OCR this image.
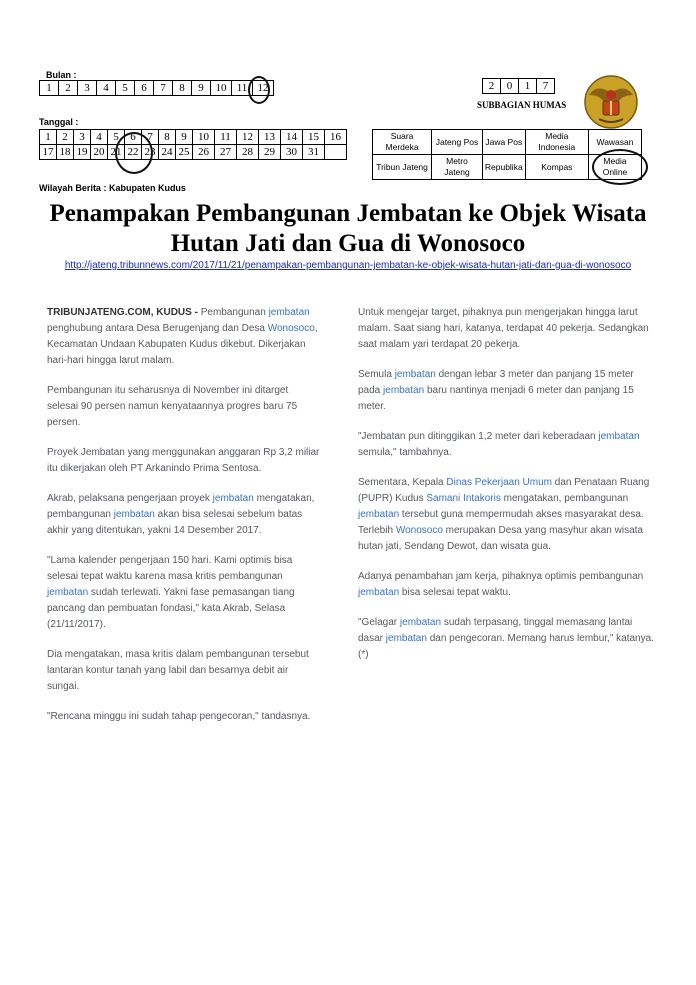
Bulan :
1	2	3	4	5	6	7	8	9	10	11	12
Tanggal :
1	2	3	4	5	6	7	8	9	10	11	12	13	14	15	16
17	18	19	20	21	22	23	24	25	26	27	28	29	30	31	
2	0	1	7
SUBBAGIAN HUMAS
Suara Merdeka	Jateng Pos	Jawa Pos	Media Indonesia	Wawasan
Tribun Jateng	Metro Jateng	Republika	Kompas	Media Online
Wilayah Berita : Kabupaten Kudus
Penampakan Pembangunan Jembatan ke Objek Wisata Hutan Jati dan Gua di Wonosoco
http://jateng.tribunnews.com/2017/11/21/penampakan-pembangunan-jembatan-ke-objek-wisata-hutan-jati-dan-gua-di-wonosoco

TRIBUNJATENG.COM, KUDUS - Pembangunan jembatan penghubung antara Desa Berugenjang dan Desa Wonosoco, Kecamatan Undaan Kabupaten Kudus dikebut. Dikerjakan hari-hari hingga larut malam.

Pembangunan itu seharusnya di November ini ditarget selesai 90 persen namun kenyataannya progres baru 75 persen.

Proyek Jembatan yang menggunakan anggaran Rp 3,2 miliar itu dikerjakan oleh PT Arkanindo Prima Sentosa.

Akrab, pelaksana pengerjaan proyek jembatan mengatakan, pembangunan jembatan akan bisa selesai sebelum batas akhir yang ditentukan, yakni 14 Desember 2017.

"Lama kalender pengerjaan 150 hari. Kami optimis bisa selesai tepat waktu karena masa kritis pembangunan jembatan sudah terlewati. Yakni fase pemasangan tiang pancang dan pembuatan fondasi," kata Akrab, Selasa (21/11/2017).

Dia mengatakan, masa kritis dalam pembangunan tersebut lantaran kontur tanah yang labil dan besarnya debit air sungai.

"Rencana minggu ini sudah tahap pengecoran," tandasnya.

Untuk mengejar target, pihaknya pun mengerjakan hingga larut malam. Saat siang hari, katanya, terdapat 40 pekerja. Sedangkan saat malam yari terdapat 20 pekerja.

Semula jembatan dengan lebar 3 meter dan panjang 15 meter pada jembatan baru nantinya menjadi 6 meter dan panjang 15 meter.

"Jembatan pun ditinggikan 1,2 meter dari keberadaan jembatan semula," tambahnya.

Sementara, Kepala Dinas Pekerjaan Umum dan Penataan Ruang (PUPR) Kudus Samani Intakoris mengatakan, pembangunan jembatan tersebut guna mempermudah akses masyarakat desa. Terlebih Wonosoco merupakan Desa yang masyhur akan wisata hutan jati, Sendang Dewot, dan wisata gua.

Adanya penambahan jam kerja, pihaknya optimis pembangunan jembatan bisa selesai tepat waktu.

"Gelagar jembatan sudah terpasang, tinggal memasang lantai dasar jembatan dan pengecoran. Memang harus lembur," katanya. (*)
